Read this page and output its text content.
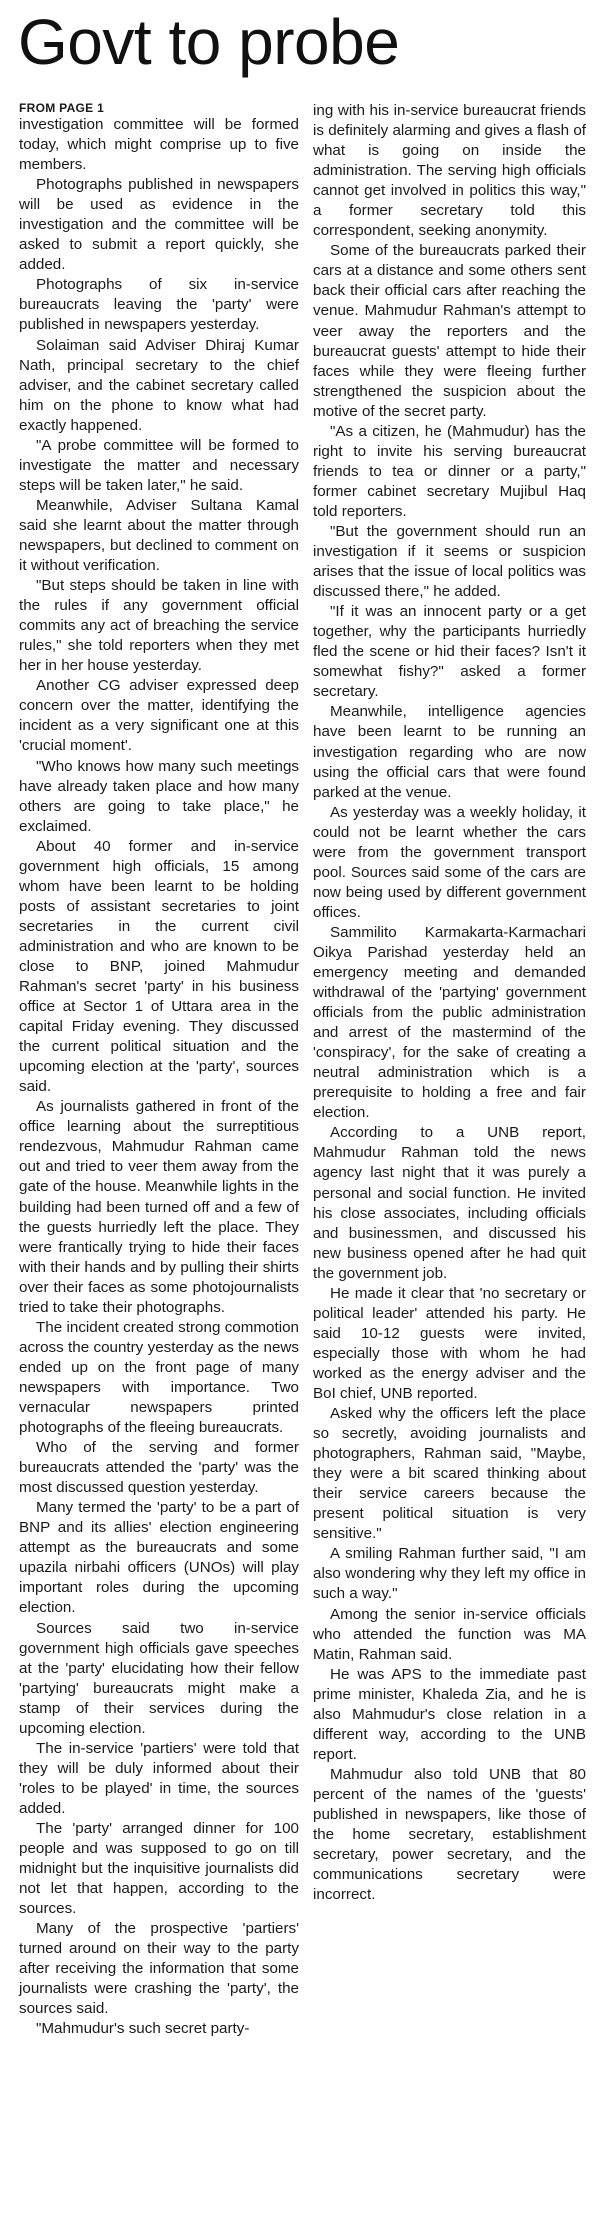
Govt to probe
FROM PAGE 1

investigation committee will be formed today, which might comprise up to five members.

Photographs published in newspapers will be used as evidence in the investigation and the committee will be asked to submit a report quickly, she added.

Photographs of six in-service bureaucrats leaving the 'party' were published in newspapers yesterday.

Solaiman said Adviser Dhiraj Kumar Nath, principal secretary to the chief adviser, and the cabinet secretary called him on the phone to know what had exactly happened.

"A probe committee will be formed to investigate the matter and necessary steps will be taken later," he said.

Meanwhile, Adviser Sultana Kamal said she learnt about the matter through newspapers, but declined to comment on it without verification.

"But steps should be taken in line with the rules if any government official commits any act of breaching the service rules," she told reporters when they met her in her house yesterday.

Another CG adviser expressed deep concern over the matter, identifying the incident as a very significant one at this 'crucial moment'.

"Who knows how many such meetings have already taken place and how many others are going to take place," he exclaimed.

About 40 former and in-service government high officials, 15 among whom have been learnt to be holding posts of assistant secretaries to joint secretaries in the current civil administration and who are known to be close to BNP, joined Mahmudur Rahman's secret 'party' in his business office at Sector 1 of Uttara area in the capital Friday evening. They discussed the current political situation and the upcoming election at the 'party', sources said.

As journalists gathered in front of the office learning about the surreptitious rendezvous, Mahmudur Rahman came out and tried to veer them away from the gate of the house. Meanwhile lights in the building had been turned off and a few of the guests hurriedly left the place. They were frantically trying to hide their faces with their hands and by pulling their shirts over their faces as some photojournalists tried to take their photographs.

The incident created strong commotion across the country yesterday as the news ended up on the front page of many newspapers with importance. Two vernacular newspapers printed photographs of the fleeing bureaucrats.

Who of the serving and former bureaucrats attended the 'party' was the most discussed question yesterday.

Many termed the 'party' to be a part of BNP and its allies' election engineering attempt as the bureaucrats and some upazila nirbahi officers (UNOs) will play important roles during the upcoming election.

Sources said two in-service government high officials gave speeches at the 'party' elucidating how their fellow 'partying' bureaucrats might make a stamp of their services during the upcoming election.

The in-service 'partiers' were told that they will be duly informed about their 'roles to be played' in time, the sources added.

The 'party' arranged dinner for 100 people and was supposed to go on till midnight but the inquisitive journalists did not let that happen, according to the sources.

Many of the prospective 'partiers' turned around on their way to the party after receiving the information that some journalists were crashing the 'party', the sources said.

"Mahmudur's such secret party-

ing with his in-service bureaucrat friends is definitely alarming and gives a flash of what is going on inside the administration. The serving high officials cannot get involved in politics this way," a former secretary told this correspondent, seeking anonymity.

Some of the bureaucrats parked their cars at a distance and some others sent back their official cars after reaching the venue. Mahmudur Rahman's attempt to veer away the reporters and the bureaucrat guests' attempt to hide their faces while they were fleeing further strengthened the suspicion about the motive of the secret party.

"As a citizen, he (Mahmudur) has the right to invite his serving bureaucrat friends to tea or dinner or a party," former cabinet secretary Mujibul Haq told reporters.

"But the government should run an investigation if it seems or suspicion arises that the issue of local politics was discussed there," he added.

"If it was an innocent party or a get together, why the participants hurriedly fled the scene or hid their faces? Isn't it somewhat fishy?" asked a former secretary.

Meanwhile, intelligence agencies have been learnt to be running an investigation regarding who are now using the official cars that were found parked at the venue.

As yesterday was a weekly holiday, it could not be learnt whether the cars were from the government transport pool. Sources said some of the cars are now being used by different government offices.

Sammilito Karmakarta-Karmachari Oikya Parishad yesterday held an emergency meeting and demanded withdrawal of the 'partying' government officials from the public administration and arrest of the mastermind of the 'conspiracy', for the sake of creating a neutral administration which is a prerequisite to holding a free and fair election.

According to a UNB report, Mahmudur Rahman told the news agency last night that it was purely a personal and social function. He invited his close associates, including officials and businessmen, and discussed his new business opened after he had quit the government job.

He made it clear that 'no secretary or political leader' attended his party. He said 10-12 guests were invited, especially those with whom he had worked as the energy adviser and the BoI chief, UNB reported.

Asked why the officers left the place so secretly, avoiding journalists and photographers, Rahman said, "Maybe, they were a bit scared thinking about their service careers because the present political situation is very sensitive."

A smiling Rahman further said, "I am also wondering why they left my office in such a way."

Among the senior in-service officials who attended the function was MA Matin, Rahman said.

He was APS to the immediate past prime minister, Khaleda Zia, and he is also Mahmudur's close relation in a different way, according to the UNB report.

Mahmudur also told UNB that 80 percent of the names of the 'guests' published in newspapers, like those of the home secretary, establishment secretary, power secretary, and the communications secretary were incorrect.
